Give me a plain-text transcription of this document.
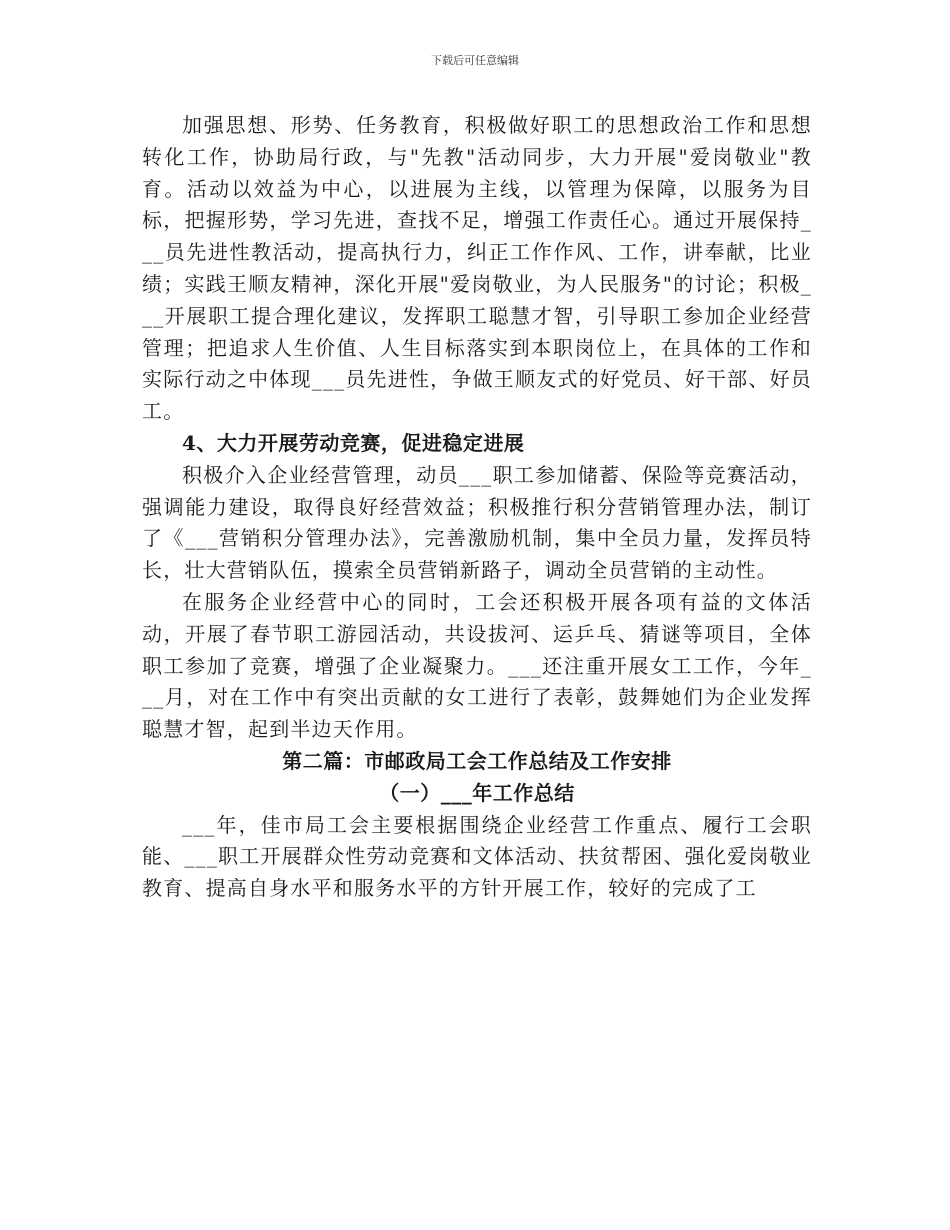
下载后可任意编辑

加强思想、形势、任务教育，积极做好职工的思想政治工作和思想转化工作，协助局行政，与"先教"活动同步，大力开展"爱岗敬业"教育。活动以效益为中心，以进展为主线，以管理为保障，以服务为目标，把握形势，学习先进，查找不足，增强工作责任心。通过开展保持___员先进性教活动，提高执行力，纠正工作作风、工作，讲奉献，比业绩；实践王顺友精神，深化开展"爱岗敬业，为人民服务"的讨论；积极___开展职工提合理化建议，发挥职工聪慧才智，引导职工参加企业经营管理；把追求人生价值、人生目标落实到本职岗位上，在具体的工作和实际行动之中体现___员先进性，争做王顺友式的好党员、好干部、好员工。

4、大力开展劳动竞赛，促进稳定进展

积极介入企业经营管理，动员___职工参加储蓄、保险等竞赛活动，强调能力建设，取得良好经营效益；积极推行积分营销管理办法，制订了《___营销积分管理办法》，完善激励机制，集中全员力量，发挥员特长，壮大营销队伍，摸索全员营销新路子，调动全员营销的主动性。

在服务企业经营中心的同时，工会还积极开展各项有益的文体活动，开展了春节职工游园活动，共设拔河、运乒乓、猜谜等项目，全体职工参加了竞赛，增强了企业凝聚力。___还注重开展女工工作，今年___月，对在工作中有突出贡献的女工进行了表彰，鼓舞她们为企业发挥聪慧才智，起到半边天作用。

第二篇：市邮政局工会工作总结及工作安排

（一）___年工作总结

___年，佳市局工会主要根据围绕企业经营工作重点、履行工会职能、___职工开展群众性劳动竞赛和文体活动、扶贫帮困、强化爱岗敬业教育、提高自身水平和服务水平的方针开展工作，较好的完成了工
